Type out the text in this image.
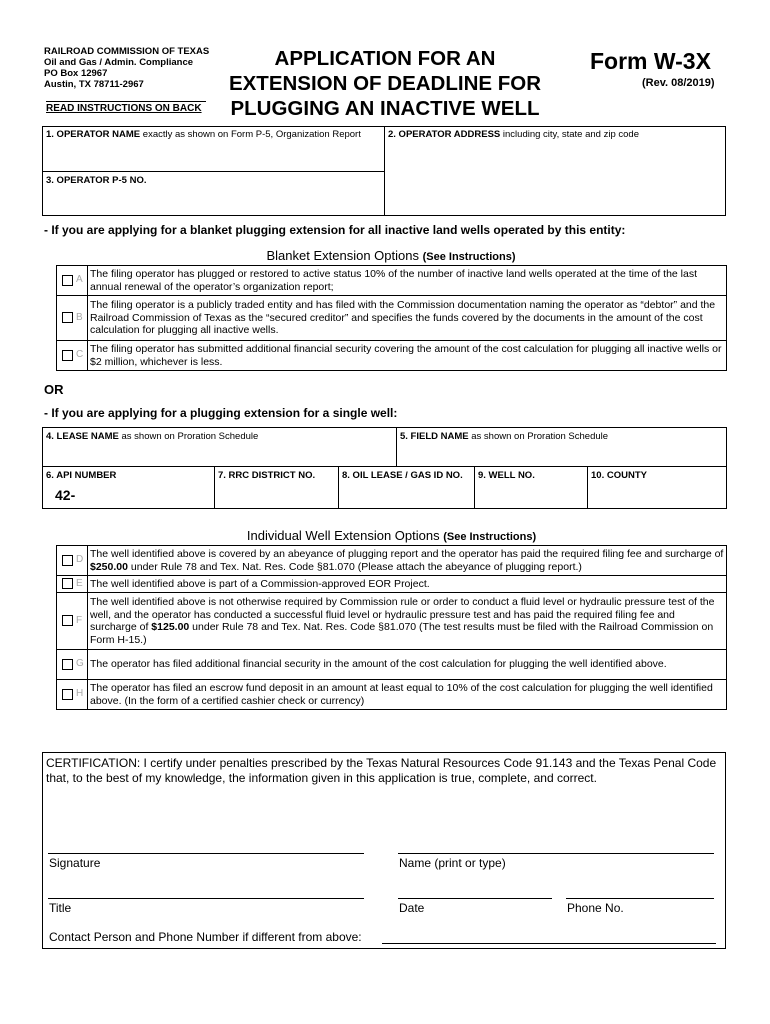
RAILROAD COMMISSION OF TEXAS
Oil and Gas / Admin. Compliance
PO Box 12967
Austin, TX 78711-2967
READ INSTRUCTIONS ON BACK
APPLICATION FOR AN
EXTENSION OF DEADLINE FOR
PLUGGING AN INACTIVE WELL
Form W-3X
(Rev. 08/2019)
1. OPERATOR NAME exactly as shown on Form P-5, Organization Report	2. OPERATOR ADDRESS including city, state and zip code
3. OPERATOR P-5 NO.
- If you are applying for a blanket plugging extension for all inactive land wells operated by this entity:
Blanket Extension Options (See Instructions)
A	The filing operator has plugged or restored to active status 10% of the number of inactive land wells operated at the time of the last annual renewal of the operator’s organization report;
B	The filing operator is a publicly traded entity and has filed with the Commission documentation naming the operator as “debtor” and the Railroad Commission of Texas as the “secured creditor” and specifies the funds covered by the documents in the amount of the cost calculation for plugging all inactive wells.
C	The filing operator has submitted additional financial security covering the amount of the cost calculation for plugging all inactive wells or $2 million, whichever is less.
OR
- If you are applying for a plugging extension for a single well:
4. LEASE NAME as shown on Proration Schedule	5. FIELD NAME as shown on Proration Schedule
6. API NUMBER
42-
7. RRC DISTRICT NO.	8. OIL LEASE / GAS ID NO.	9. WELL NO.	10. COUNTY
Individual Well Extension Options (See Instructions)
D	The well identified above is covered by an abeyance of plugging report and the operator has paid the required filing fee and surcharge of $250.00 under Rule 78 and Tex. Nat. Res. Code §81.070 (Please attach the abeyance of plugging report.)
E	The well identified above is part of a Commission-approved EOR Project.
F	The well identified above is not otherwise required by Commission rule or order to conduct a fluid level or hydraulic pressure test of the well, and the operator has conducted a successful fluid level or hydraulic pressure test and has paid the required filing fee and surcharge of $125.00 under Rule 78 and Tex. Nat. Res. Code §81.070 (The test results must be filed with the Railroad Commission on Form H-15.)
G	The operator has filed additional financial security in the amount of the cost calculation for plugging the well identified above.
H	The operator has filed an escrow fund deposit in an amount at least equal to 10% of the cost calculation for plugging the well identified above. (In the form of a certified cashier check or currency)
CERTIFICATION: I certify under penalties prescribed by the Texas Natural Resources Code 91.143 and the Texas Penal Code that, to the best of my knowledge, the information given in this application is true, complete, and correct.
Signature	Name (print or type)
Title	Date	Phone No.
Contact Person and Phone Number if different from above:
